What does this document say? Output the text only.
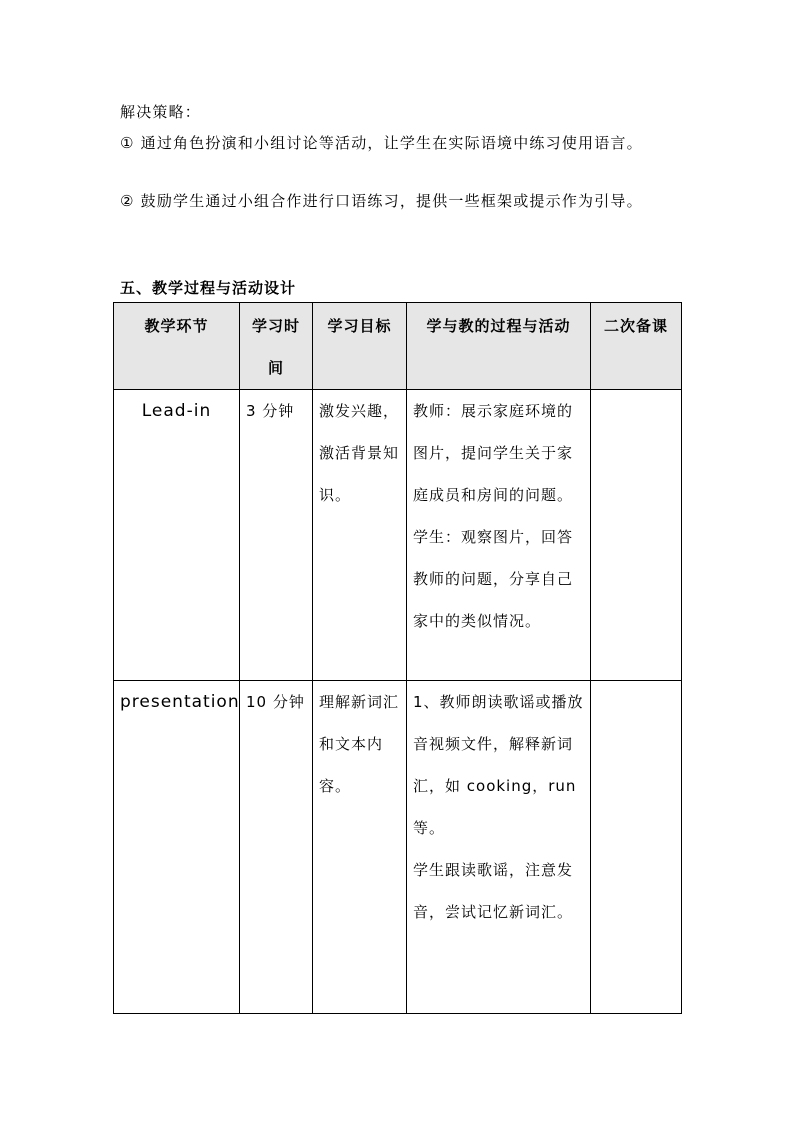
解决策略：

① 通过角色扮演和小组讨论等活动，让学生在实际语境中练习使用语言。

② 鼓励学生通过小组合作进行口语练习，提供一些框架或提示作为引导。

五、教学过程与活动设计

教学环节	学习时间	学习目标	学与教的过程与活动	二次备课
Lead-in	3 分钟	激发兴趣，激活背景知识。	教师：展示家庭环境的图片，提问学生关于家庭成员和房间的问题。
学生：观察图片，回答教师的问题，分享自己家中的类似情况。	

presentation	10 分钟	理解新词汇和文本内容。	1、教师朗读歌谣或播放音视频文件，解释新词汇，如 cooking，run 等。
学生跟读歌谣，注意发音，尝试记忆新词汇。	
